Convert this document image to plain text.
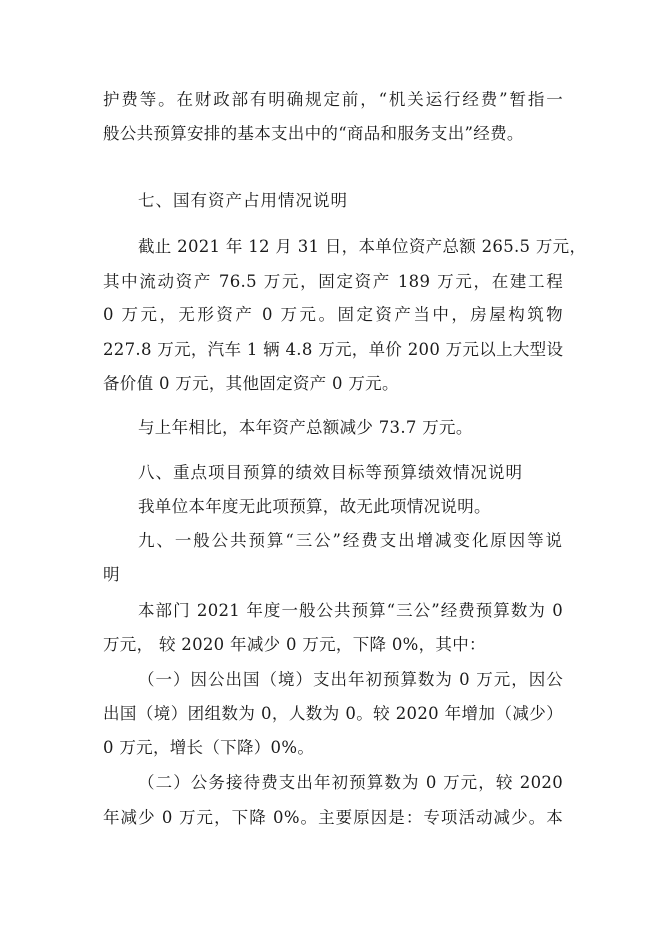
护费等。在财政部有明确规定前，“机关运行经费”暂指一
般公共预算安排的基本支出中的“商品和服务支出”经费。
七、国有资产占用情况说明
截止 2021 年 12 月 31 日，本单位资产总额 265.5 万元，
其中流动资产 76.5 万元，固定资产 189 万元，在建工程
0 万元，无形资产 0 万元。固定资产当中，房屋构筑物
227.8 万元，汽车 1 辆 4.8 万元，单价 200 万元以上大型设
备价值 0 万元，其他固定资产 0 万元。
与上年相比，本年资产总额减少 73.7 万元。
八、重点项目预算的绩效目标等预算绩效情况说明
我单位本年度无此项预算，故无此项情况说明。
九、一般公共预算“三公”经费支出增减变化原因等说
明
本部门 2021 年度一般公共预算“三公”经费预算数为 0
万元， 较 2020 年减少 0 万元，下降 0%，其中：
（一）因公出国（境）支出年初预算数为 0 万元，因公
出国（境）团组数为 0，人数为 0。较 2020 年增加（减少）
0 万元，增长（下降）0%。
（二）公务接待费支出年初预算数为 0 万元，较 2020
年减少 0 万元，下降 0%。主要原因是：专项活动减少。本
